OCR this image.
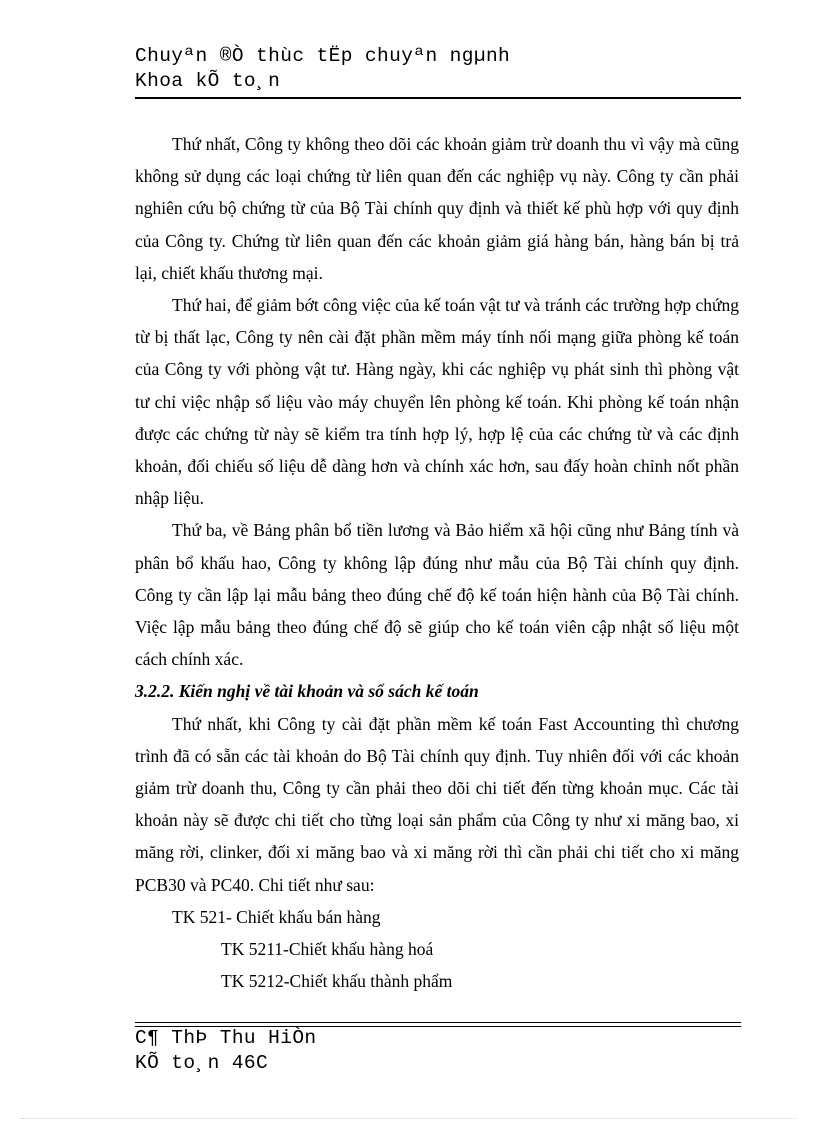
Chuyªn ®Ò thùc tËp chuyªn ngµnh
Khoa kÕ to¸n

Thứ nhất, Công ty không theo dõi các khoản giảm trừ doanh thu vì vậy mà cũng không sử dụng các loại chứng từ liên quan đến các nghiệp vụ này. Công ty cần phải nghiên cứu bộ chứng từ của Bộ Tài chính quy định và thiết kế phù hợp với quy định của Công ty. Chứng từ liên quan đến các khoản giảm giá hàng bán, hàng bán bị trả lại, chiết khấu thương mại.

Thứ hai, để giảm bớt công việc của kế toán vật tư và tránh các trường hợp chứng từ bị thất lạc, Công ty nên cài đặt phần mềm máy tính nối mạng giữa phòng kế toán của Công ty với phòng vật tư. Hàng ngày, khi các nghiệp vụ phát sinh thì phòng vật tư chỉ việc nhập số liệu vào máy chuyển lên phòng kế toán. Khi phòng kế toán nhận được các chứng từ này sẽ kiểm tra tính hợp lý, hợp lệ của các chứng từ và các định khoản, đối chiếu số liệu dễ dàng hơn và chính xác hơn, sau đấy hoàn chỉnh nốt phần nhập liệu.

Thứ ba, về Bảng phân bổ tiền lương và Bảo hiểm xã hội cũng như Bảng tính và phân bổ khấu hao, Công ty không lập đúng như mẫu của Bộ Tài chính quy định. Công ty cần lập lại mẫu bảng theo đúng chế độ kế toán hiện hành của Bộ Tài chính. Việc lập mẫu bảng theo đúng chế độ sẽ giúp cho kế toán viên cập nhật số liệu một cách chính xác.

3.2.2. Kiến nghị về tài khoản và sổ sách kế toán

Thứ nhất, khi Công ty cài đặt phần mềm kế toán Fast Accounting thì chương trình đã có sẵn các tài khoản do Bộ Tài chính quy định. Tuy nhiên đối với các khoản giảm trừ doanh thu, Công ty cần phải theo dõi chi tiết đến từng khoản mục. Các tài khoản này sẽ được chi tiết cho từng loại sản phẩm của Công ty như xi măng bao, xi măng rời, clinker, đối xi măng bao và xi măng rời thì cần phải chi tiết cho xi măng PCB30 và PC40. Chi tiết như sau:

TK 521- Chiết khấu bán hàng

TK 5211-Chiết khấu hàng hoá

TK 5212-Chiết khấu thành phẩm

C¶ ThÞ Thu HiÒn
KÕ to¸n 46C
